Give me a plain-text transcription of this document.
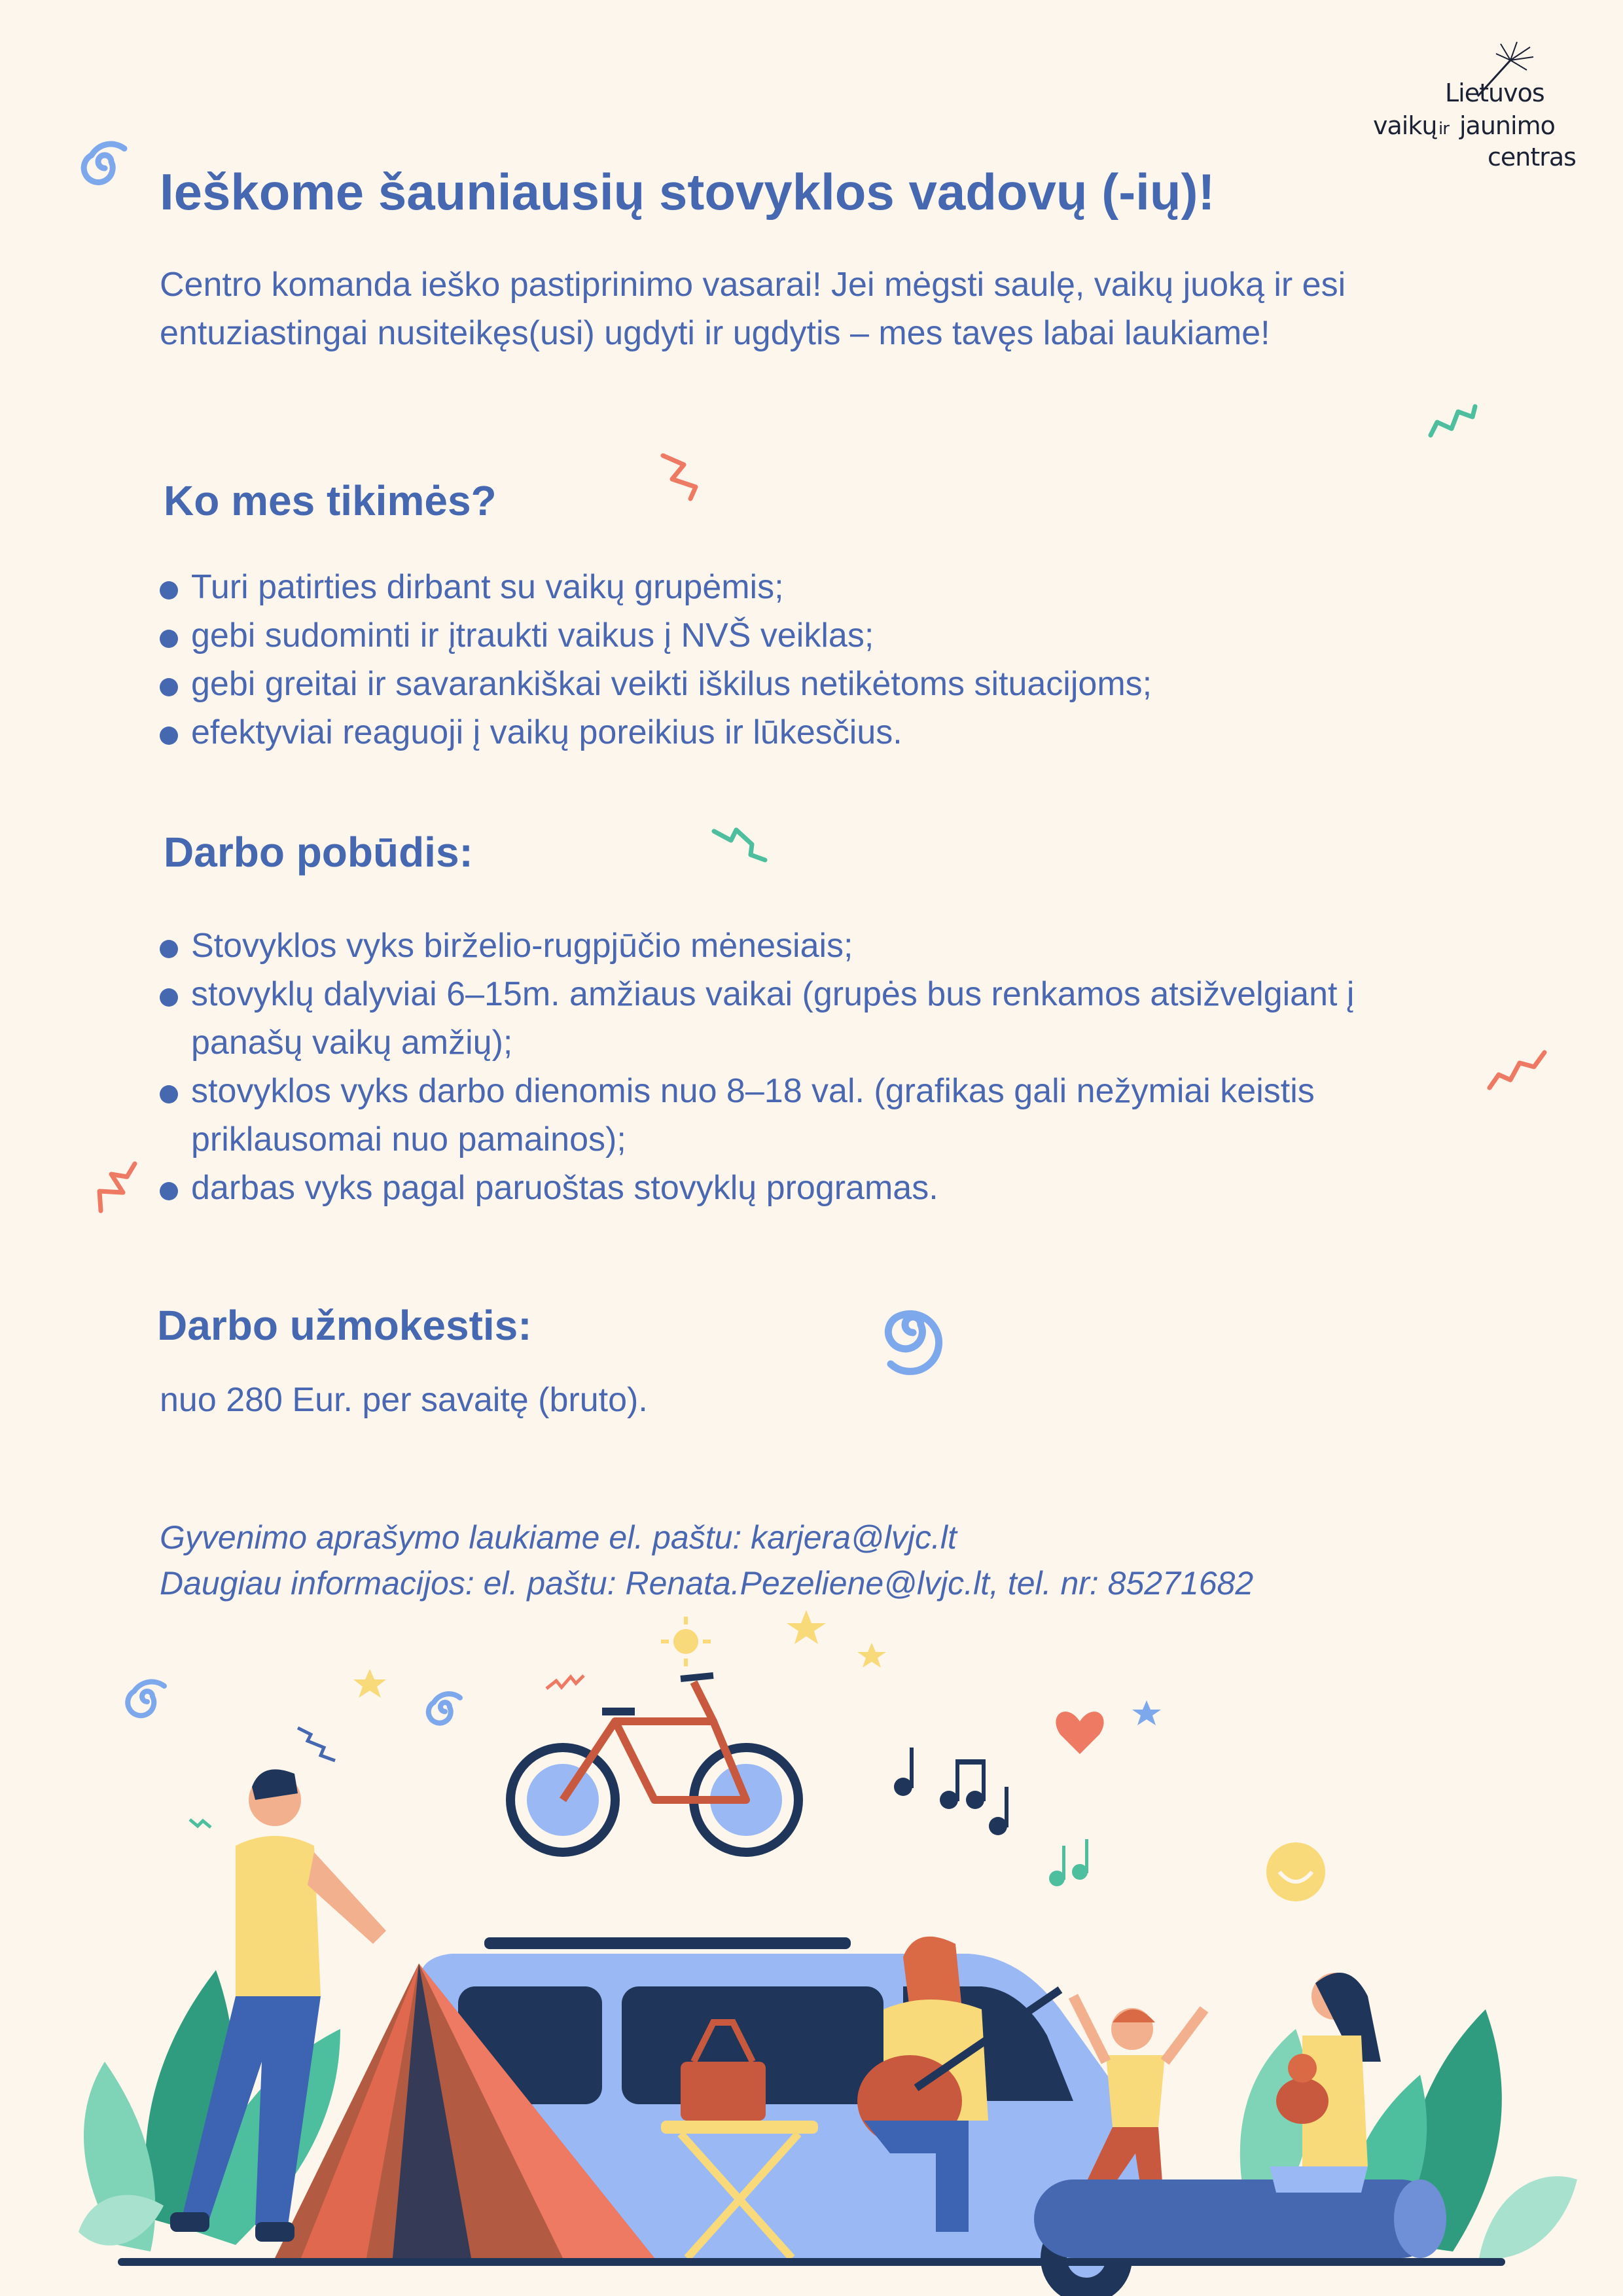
Lietuvos
vaikų ir jaunimo
centras
Ieškome šauniausių stovyklos vadovų (-ių)!

Centro komanda ieško pastiprinimo vasarai! Jei mėgsti saulę, vaikų juoką ir esi entuziastingai nusiteikęs(usi) ugdyti ir ugdytis – mes tavęs labai laukiame!

Ko mes tikimės?
Turi patirties dirbant su vaikų grupėmis;
gebi sudominti ir įtraukti vaikus į NVŠ veiklas;
gebi greitai ir savarankiškai veikti iškilus netikėtoms situacijoms;
efektyviai reaguoji į vaikų poreikius ir lūkesčius.
Darbo pobūdis:
Stovyklos vyks birželio-rugpjūčio mėnesiais;
stovyklų dalyviai 6–15m. amžiaus vaikai (grupės bus renkamos atsižvelgiant į panašų vaikų amžių);
stovyklos vyks darbo dienomis nuo 8–18 val. (grafikas gali nežymiai keistis priklausomai nuo pamainos);
darbas vyks pagal paruoštas stovyklų programas.
Darbo užmokestis:

nuo 280 Eur. per savaitę (bruto).

Gyvenimo aprašymo laukiame el. paštu: karjera@lvjc.lt

Daugiau informacijos: el. paštu: Renata.Pezeliene@lvjc.lt, tel. nr: 85271682
